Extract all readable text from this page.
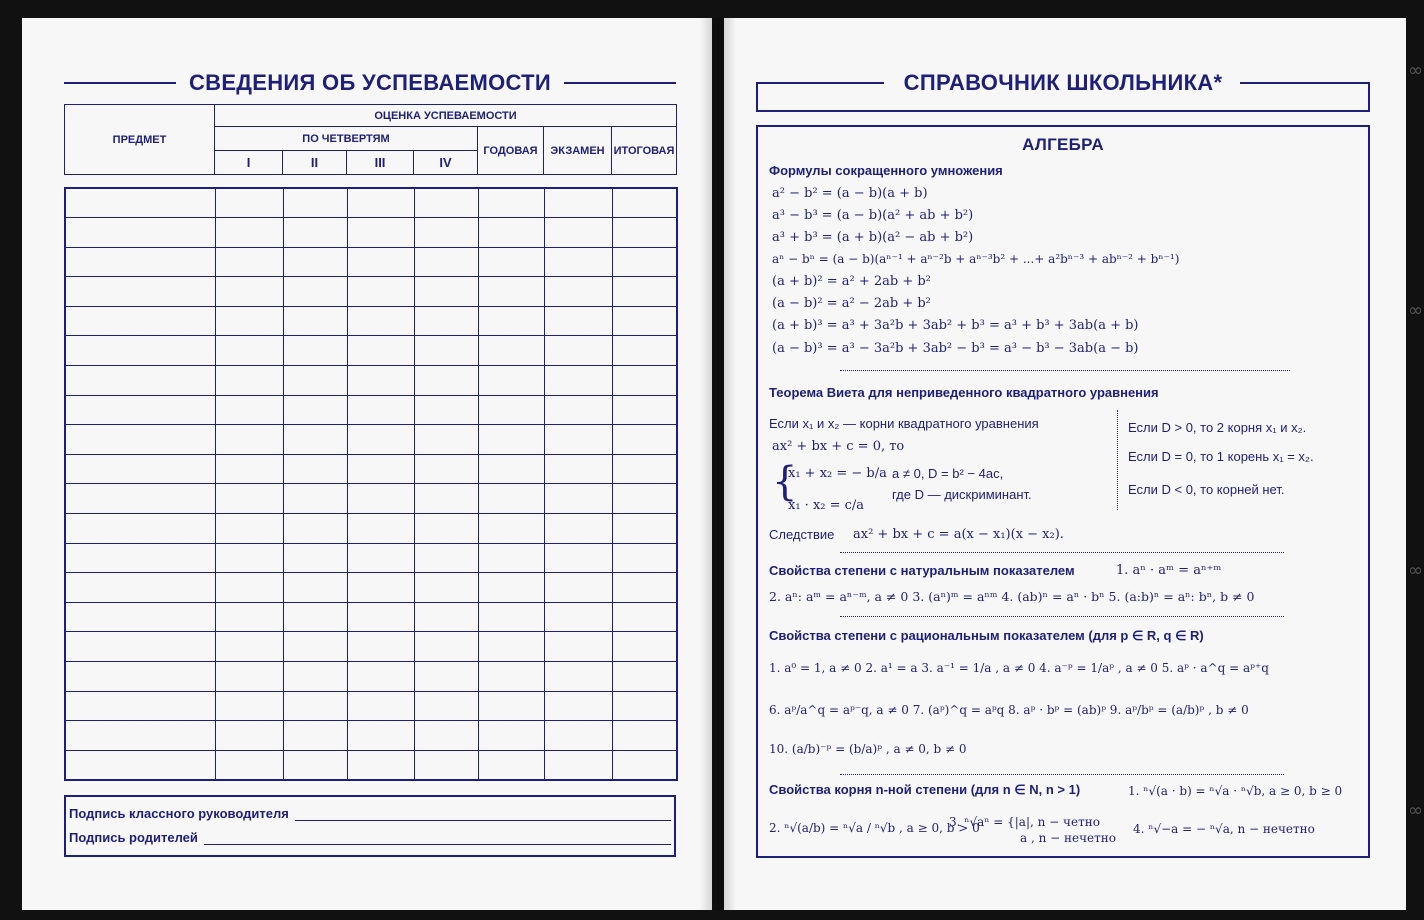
∞
∞
∞
∞
СВЕДЕНИЯ ОБ УСПЕВАЕМОСТИ
ПРЕДМЕТ	ОЦЕНКА УСПЕВАЕМОСТИ						
	ПО ЧЕТВЕРТЯМ				ГОДОВАЯ	ЭКЗАМЕН	ИТОГОВАЯ
	I	II	III	IV			

Подпись классного руководителя
Подпись родителей
СПРАВОЧНИК ШКОЛЬНИКА*
АЛГЕБРА
Формулы сокращенного умножения
a² − b² = (a − b)(a + b)
a³ − b³ = (a − b)(a² + ab + b²)
a³ + b³ = (a + b)(a² − ab + b²)
aⁿ − bⁿ = (a − b)(aⁿ⁻¹ + aⁿ⁻²b + aⁿ⁻³b² + ...+ a²bⁿ⁻³ + abⁿ⁻² + bⁿ⁻¹)
(a + b)² = a² + 2ab + b²
(a − b)² = a² − 2ab + b²
(a + b)³ = a³ + 3a²b + 3ab² + b³ = a³ + b³ + 3ab(a + b)
(a − b)³ = a³ − 3a²b + 3ab² − b³ = a³ − b³ − 3ab(a − b)
Теорема Виета для неприведенного квадратного уравнения
Если x₁ и x₂ — корни квадратного уравнения
ax² + bx + c = 0, то
{
x₁ + x₂ = − b/a
x₁ · x₂ = c/a
a ≠ 0, D = b² − 4ac,
где D — дискриминант.
Если D > 0, то 2 корня x₁ и x₂.
Если D = 0, то 1 корень x₁ = x₂.
Если D < 0, то корней нет.
Следствие ax² + bx + c = a(x − x₁)(x − x₂).
Свойства степени с натуральным показателем	1. aⁿ · aᵐ = aⁿ⁺ᵐ
2. aⁿ: aᵐ = aⁿ⁻ᵐ, a ≠ 0 3. (aⁿ)ᵐ = aⁿᵐ 4. (ab)ⁿ = aⁿ · bⁿ 5. (a:b)ⁿ = aⁿ: bⁿ, b ≠ 0
Свойства степени с рациональным показателем (для p ∈ R, q ∈ R)
1. a⁰ = 1, a ≠ 0 2. a¹ = a 3. a⁻¹ = 1/a , a ≠ 0 4. a⁻ᵖ = 1/aᵖ , a ≠ 0 5. aᵖ · a^q = aᵖ⁺q
6. aᵖ/a^q = aᵖ⁻q, a ≠ 0 7. (aᵖ)^q = aᵖq 8. aᵖ · bᵖ = (ab)ᵖ 9. aᵖ/bᵖ = (a/b)ᵖ , b ≠ 0
10. (a/b)⁻ᵖ = (b/a)ᵖ , a ≠ 0, b ≠ 0
Свойства корня n-ной степени (для n ∈ N, n > 1)	1. ⁿ√(a · b) = ⁿ√a · ⁿ√b, a ≥ 0, b ≥ 0
2. ⁿ√(a/b) = ⁿ√a / ⁿ√b , a ≥ 0, b > 0
3. ⁿ√aⁿ = {|a|, n − четно
a , n − нечетно
4. ⁿ√−a = − ⁿ√a, n − нечетно
